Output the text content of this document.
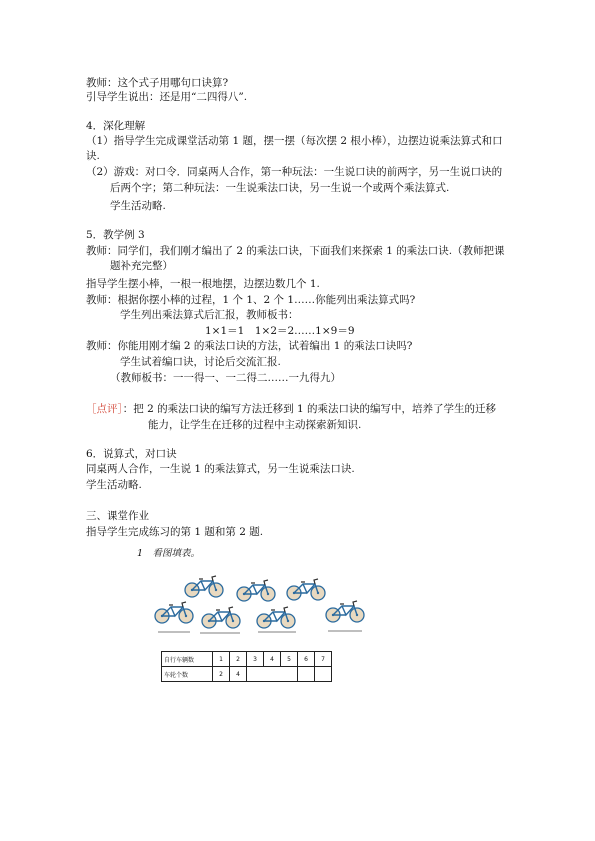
教师：这个式子用哪句口诀算?
引导学生说出：还是用“二四得八”.
4．深化理解
（1）指导学生完成课堂活动第 1 题，摆一摆（每次摆 2 根小棒），边摆边说乘法算式和口
诀.
（2）游戏：对口令．同桌两人合作，第一种玩法：一生说口诀的前两字，另一生说口诀的
后两个字；第二种玩法：一生说乘法口诀，另一生说一个或两个乘法算式.
学生活动略.
5．教学例 3
教师：同学们，我们刚才编出了 2 的乘法口诀，下面我们来探索 1 的乘法口诀.（教师把课
题补充完整）
指导学生摆小棒，一根一根地摆，边摆边数几个 1.
教师：根据你摆小棒的过程，1 个 1、2 个 1……你能列出乘法算式吗?
学生列出乘法算式后汇报，教师板书：
1×1＝1　1×2＝2……1×9＝9
教师：你能用刚才编 2 的乘法口诀的方法，试着编出 1 的乘法口诀吗?
学生试着编口诀，讨论后交流汇报.
（教师板书：一一得一、一二得二……一九得九）
［点评］：把 2 的乘法口诀的编写方法迁移到 1 的乘法口诀的编写中，培养了学生的迁移
能力，让学生在迁移的过程中主动探索新知识.
6．说算式，对口诀
同桌两人合作，一生说 1 的乘法算式，另一生说乘法口诀.
学生活动略.
三、课堂作业
指导学生完成练习的第 1 题和第 2 题.
1　看图填表。
自行车辆数	1	2	3	4	5	6	7
车轮个数	2	4					
